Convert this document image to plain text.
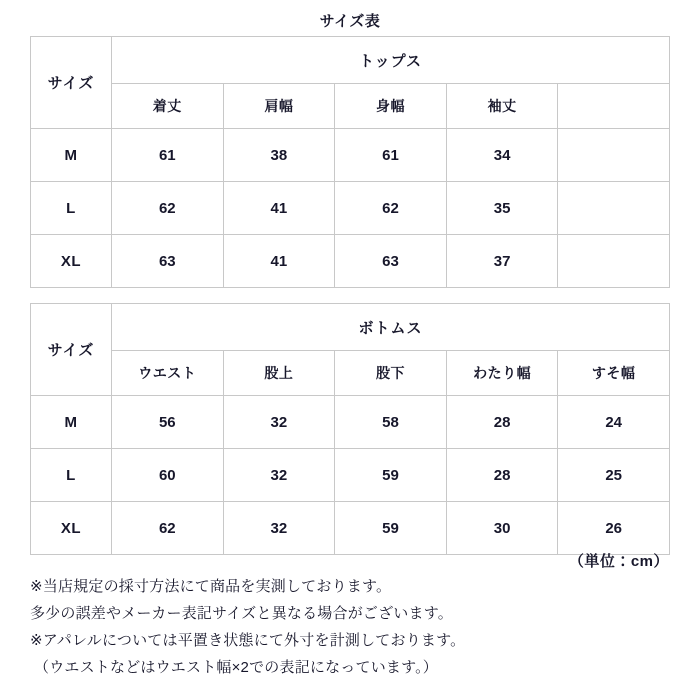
サイズ表
サイズ	トップス				
	着丈	肩幅	身幅	袖丈	
M	61	38	61	34	
L	62	41	62	35	
XL	63	41	63	37	
サイズ	ボトムス				
	ウエスト	股上	股下	わたり幅	すそ幅
M	56	32	58	28	24
L	60	32	59	28	25
XL	62	32	59	30	26
（単位：cm）
※当店規定の採寸方法にて商品を実測しております。
多少の誤差やメーカー表記サイズと異なる場合がございます。
※アパレルについては平置き状態にて外寸を計測しております。
（ウエストなどはウエスト幅×2での表記になっています。）
